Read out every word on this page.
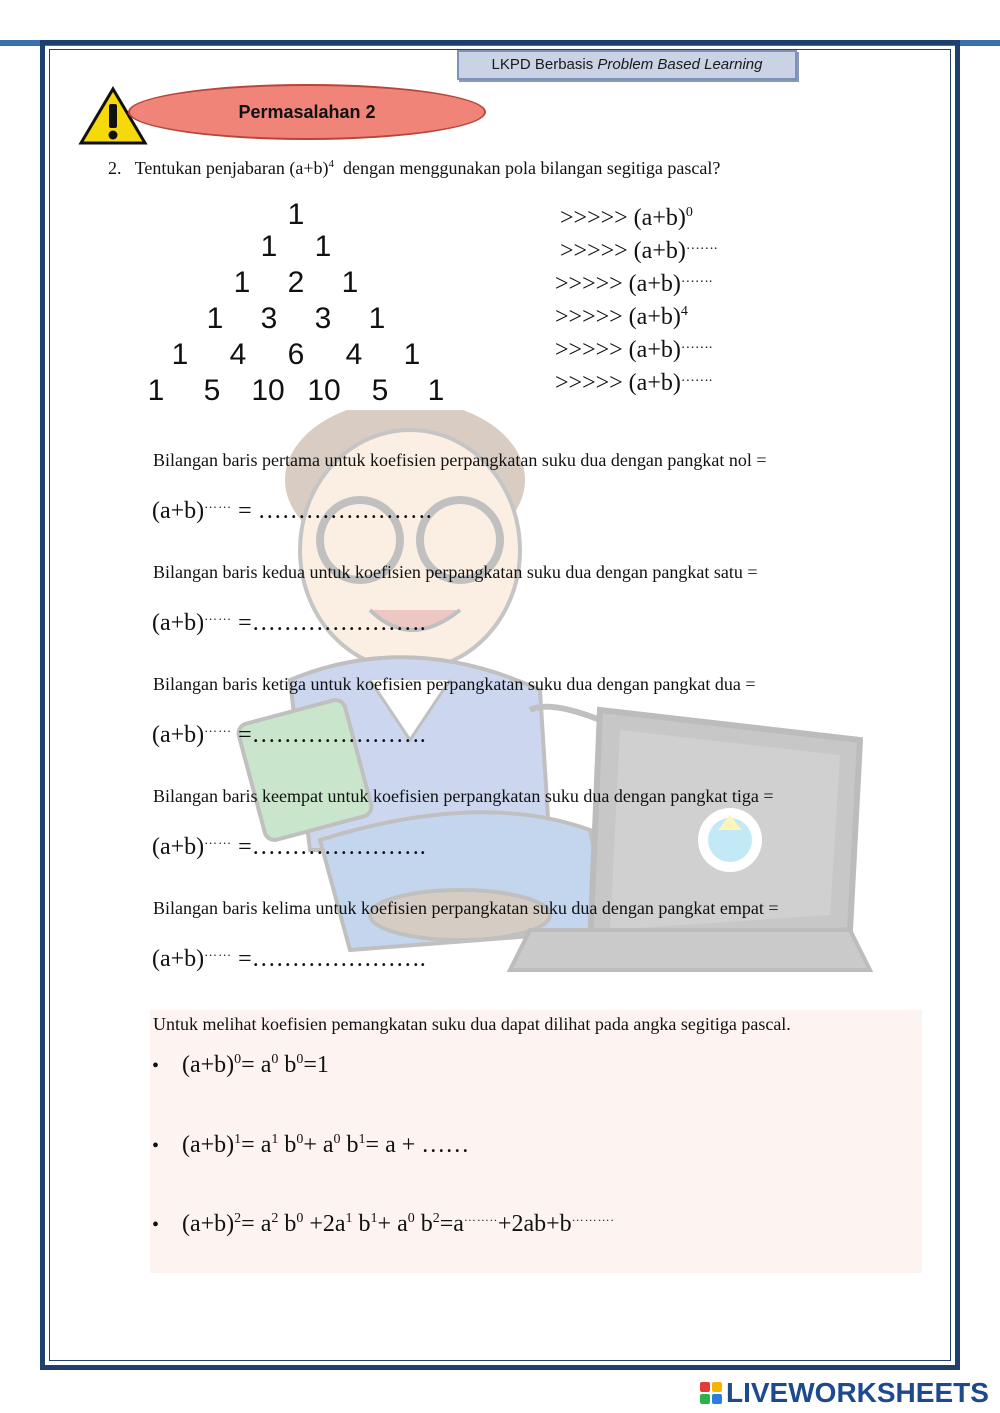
LKPD Berbasis Problem Based Learning
Permasalahan 2
2. Tentukan penjabaran $(a+b)^4$ dengan menggunakan pola bilangan segitiga pascal?
1
1 1
1 2 1
1 3 3 1
1 4 6 4 1
1 5 10 10 5 1
>>>>> $(a+b)^0$
>>>>> (a+b)…….
>>>>> (a+b)…….
>>>>> $(a+b)^4$
>>>>> (a+b)…….
>>>>> (a+b)…….
Bilangan baris pertama untuk koefisien perpangkatan suku dua dengan pangkat nol =
(a+b)…… = ………………….
Bilangan baris kedua untuk koefisien perpangkatan suku dua dengan pangkat satu =
(a+b)…… =………………….
Bilangan baris ketiga untuk koefisien perpangkatan suku dua dengan pangkat dua =
(a+b)…… =………………….
Bilangan baris keempat untuk koefisien perpangkatan suku dua dengan pangkat tiga =
(a+b)…… =………………….
Bilangan baris kelima untuk koefisien perpangkatan suku dua dengan pangkat empat =
(a+b)…… =………………….
Untuk melihat koefisien pemangkatan suku dua dapat dilihat pada angka segitiga pascal.
• $(a+b)^0= a^0$ $b^0=1$
• $(a+b)^1= a^1$ $b^0+ a^0$ $b^1= a$ + ……
• $(a+b)^2= a^2$ $b^0 +2a^1$ $b^1+ a^0$ $b^2=a^{\dots\dots..}+2ab+b^{\dots\dots\dots.}$
LIVEWORKSHEETS
